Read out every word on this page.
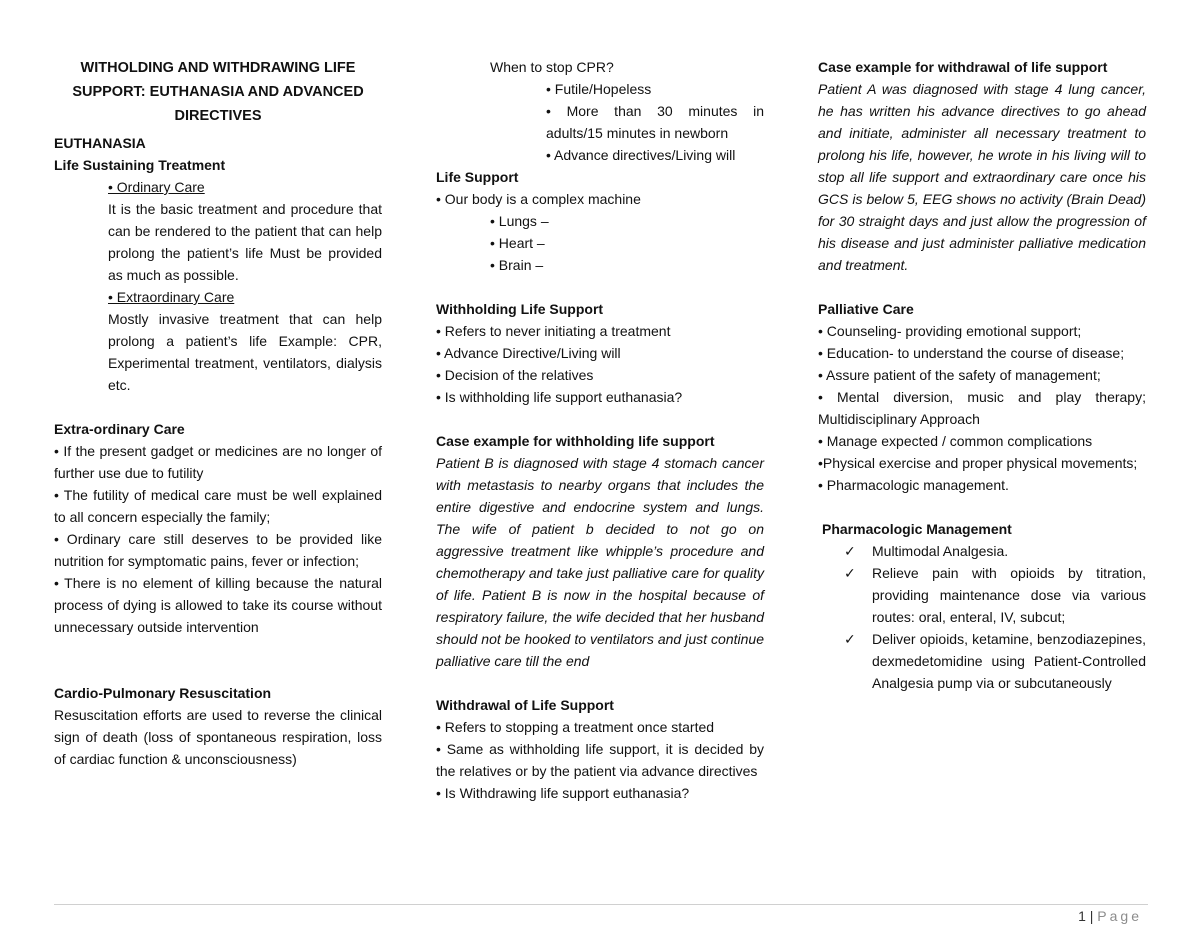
WITHOLDING AND WITHDRAWING LIFE SUPPORT: EUTHANASIA AND ADVANCED DIRECTIVES

EUTHANASIA

Life Sustaining Treatment

• Ordinary Care

It is the basic treatment and procedure that can be rendered to the patient that can help prolong the patient’s life Must be provided as much as possible.

• Extraordinary Care

Mostly invasive treatment that can help prolong a patient’s life Example: CPR, Experimental treatment, ventilators, dialysis etc.

Extra-ordinary Care

• If the present gadget or medicines are no longer of further use due to futility

• The futility of medical care must be well explained to all concern especially the family;

• Ordinary care still deserves to be provided like nutrition for symptomatic pains, fever or infection;

• There is no element of killing because the natural process of dying is allowed to take its course without unnecessary outside intervention

Cardio-Pulmonary Resuscitation

Resuscitation efforts are used to reverse the clinical sign of death (loss of spontaneous respiration, loss of cardiac function & unconsciousness)

When to stop CPR?

• Futile/Hopeless

• More than 30 minutes in adults/15 minutes in newborn

• Advance directives/Living will

Life Support

• Our body is a complex machine

• Lungs –

• Heart –

• Brain –

Withholding Life Support

• Refers to never initiating a treatment

• Advance Directive/Living will

• Decision of the relatives

• Is withholding life support euthanasia?

Case example for withholding life support

Patient B is diagnosed with stage 4 stomach cancer with metastasis to nearby organs that includes the entire digestive and endocrine system and lungs. The wife of patient b decided to not go on aggressive treatment like whipple’s procedure and chemotherapy and take just palliative care for quality of life. Patient B is now in the hospital because of respiratory failure, the wife decided that her husband should not be hooked to ventilators and just continue palliative care till the end

Withdrawal of Life Support

• Refers to stopping a treatment once started

• Same as withholding life support, it is decided by the relatives or by the patient via advance directives

• Is Withdrawing life support euthanasia?

Case example for withdrawal of life support

Patient A was diagnosed with stage 4 lung cancer, he has written his advance directives to go ahead and initiate, administer all necessary treatment to prolong his life, however, he wrote in his living will to stop all life support and extraordinary care once his GCS is below 5, EEG shows no activity (Brain Dead) for 30 straight days and just allow the progression of his disease and just administer palliative medication and treatment.

Palliative Care

• Counseling- providing emotional support;

• Education- to understand the course of disease;

• Assure patient of the safety of management;

• Mental diversion, music and play therapy; Multidisciplinary Approach

• Manage expected / common complications

•Physical exercise and proper physical movements;

• Pharmacologic management.

Pharmacologic Management

✓ Multimodal Analgesia.

✓ Relieve pain with opioids by titration, providing maintenance dose via various routes: oral, enteral, IV, subcut;

✓ Deliver opioids, ketamine, benzodiazepines, dexmedetomidine using Patient-Controlled Analgesia pump via or subcutaneously

1 | Page
